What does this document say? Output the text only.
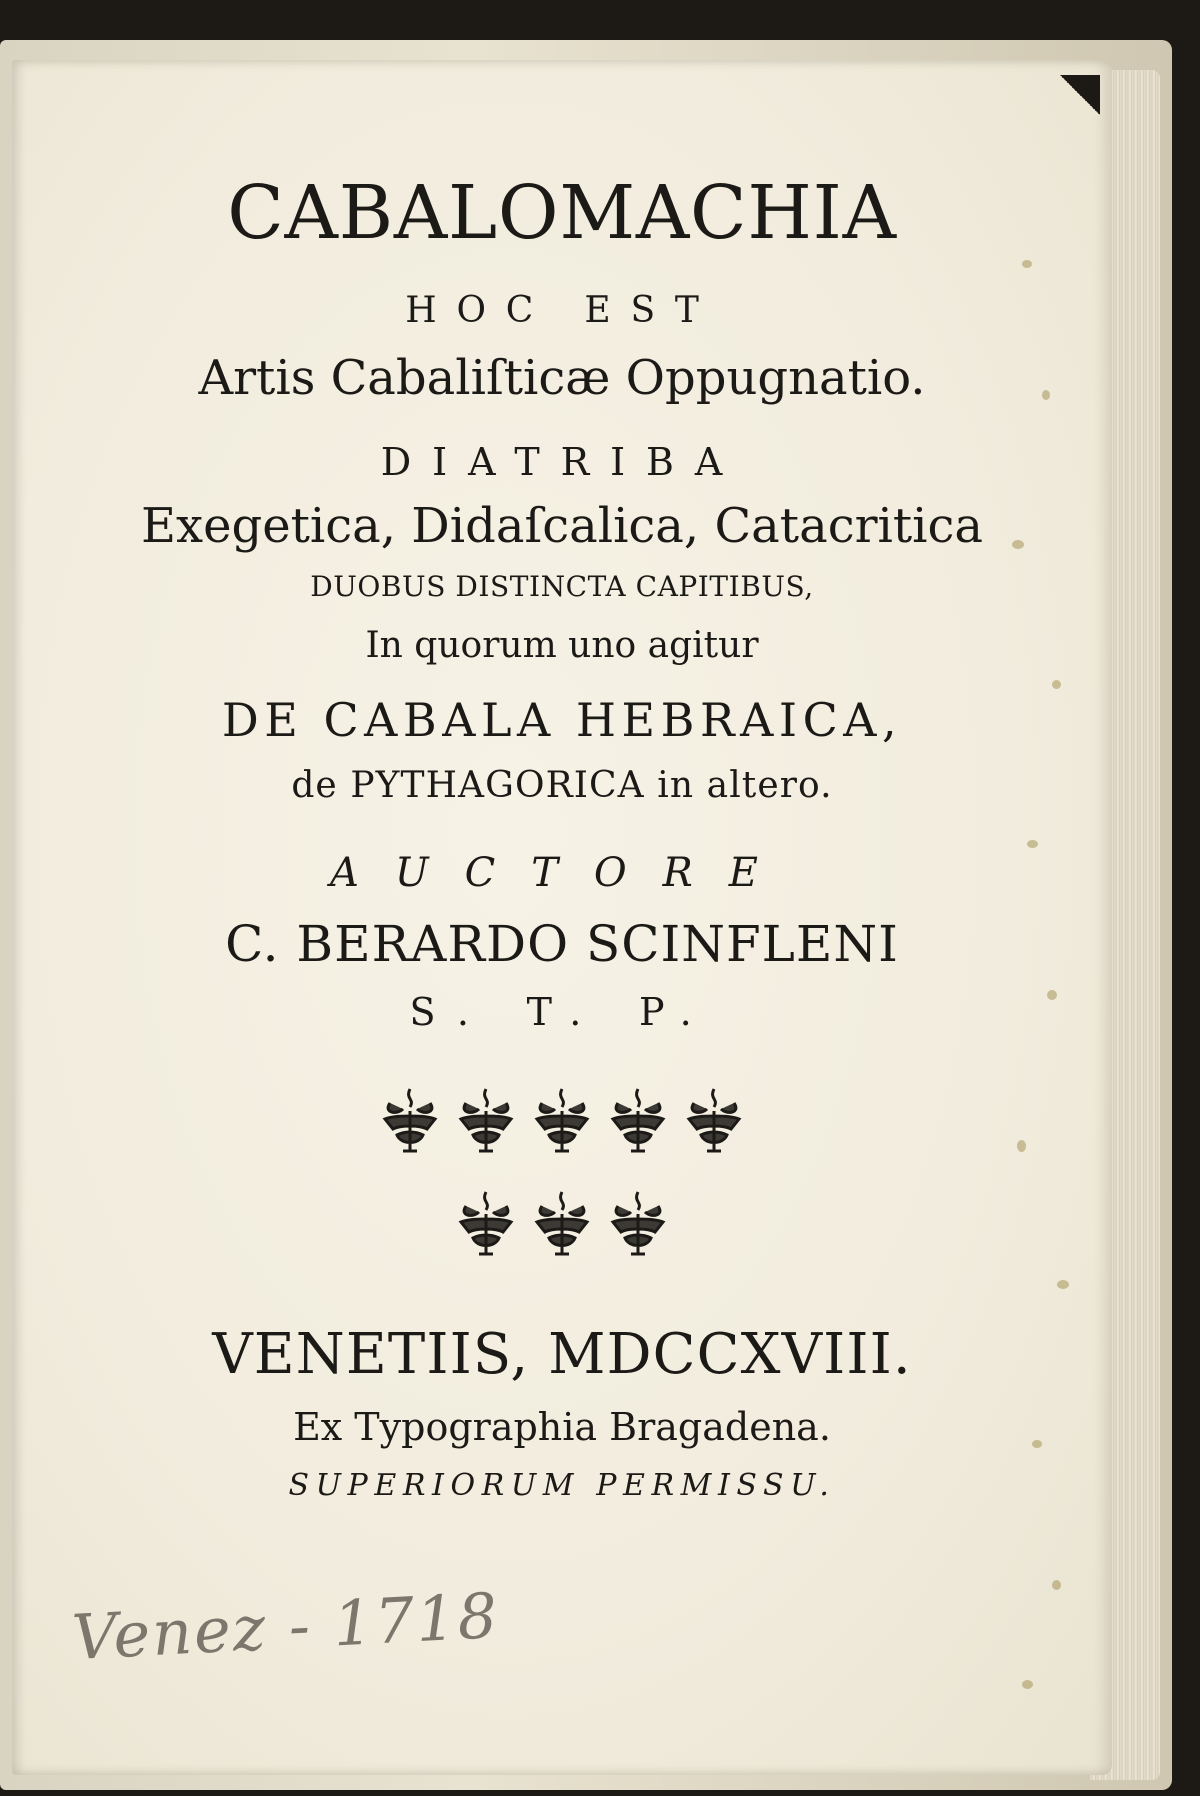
CABALOMACHIA
HOC EST
Artis Cabaliſticæ Oppugnatio.
DIATRIBA
Exegetica, Didaſcalica, Catacritica
DUOBUS DISTINCTA CAPITIBUS,
In quorum uno agitur
DE CABALA HEBRAICA,
de PYTHAGORICA in altero.
AUCTORE
C. BERARDO SCINFLENI
S. T. P.
VENETIIS, MDCCXVIII.
Ex Typographia Bragadena.
SUPERIORUM PERMISSU.
Venez - 1718
